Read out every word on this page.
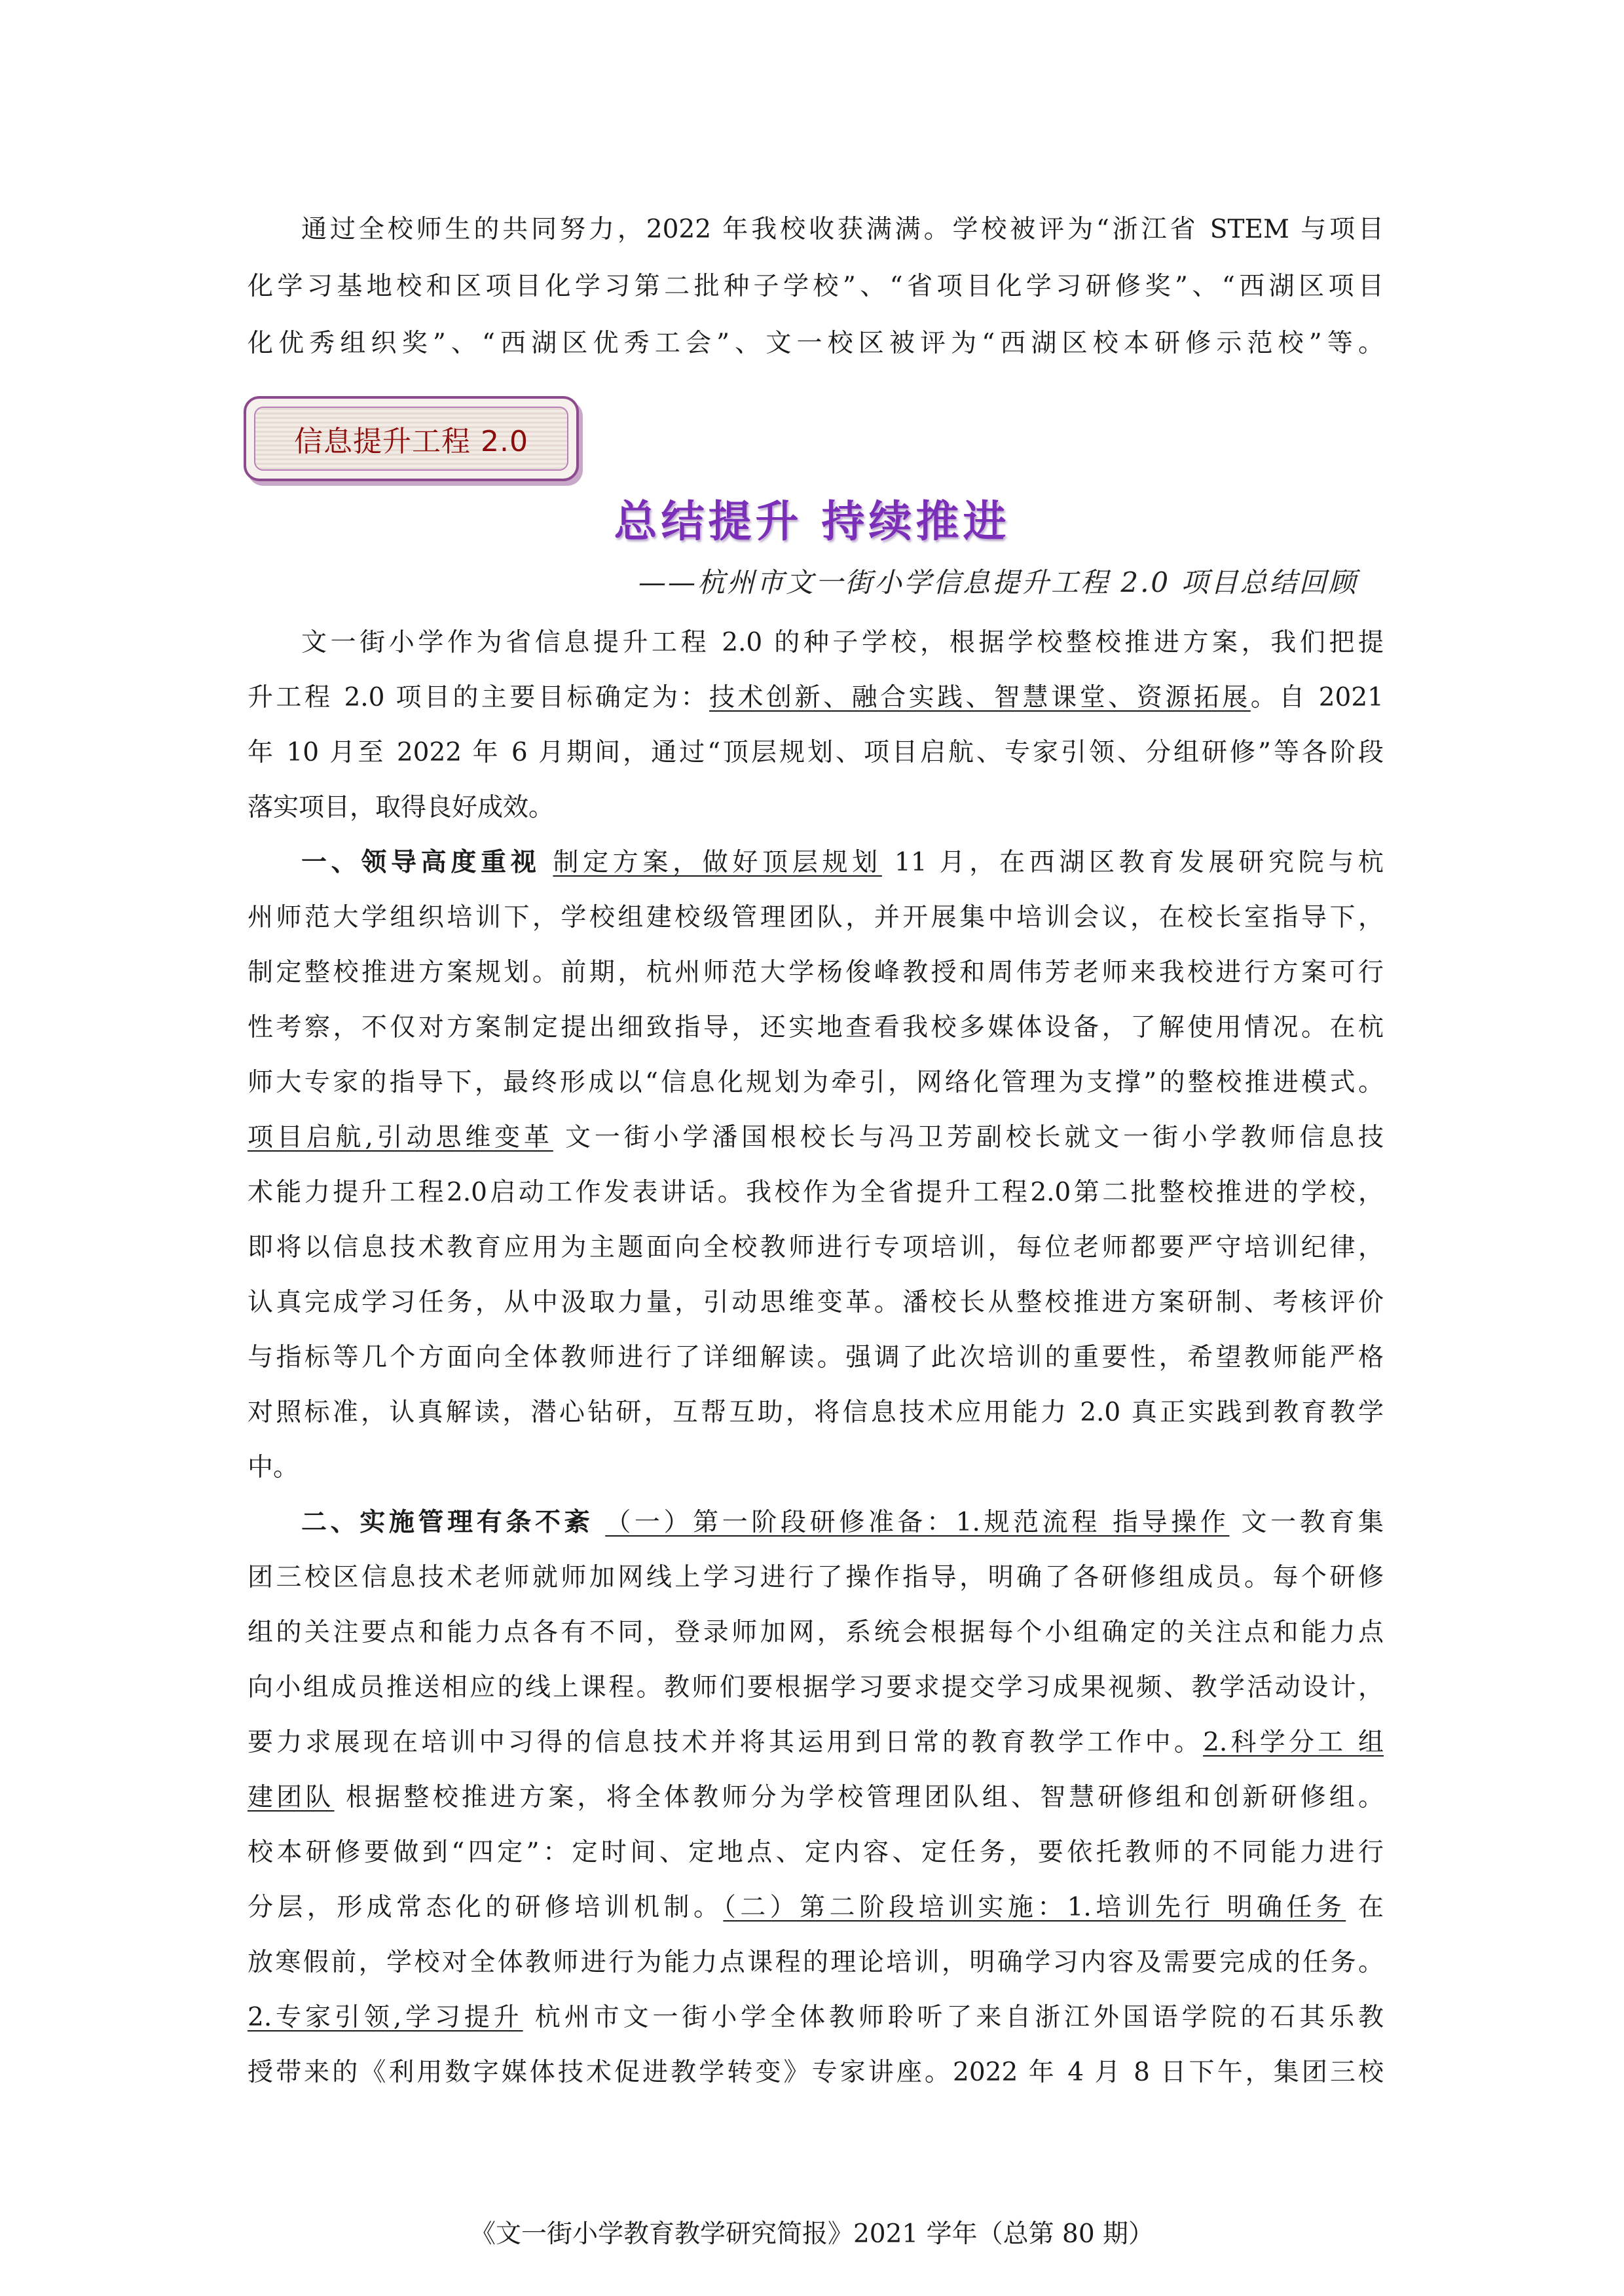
通过全校师生的共同努力，2022 年我校收获满满。学校被评为“浙江省 STEM 与项目
化学习基地校和区项目化学习第二批种子学校”、“省项目化学习研修奖”、“西湖区项目
化优秀组织奖”、“西湖区优秀工会”、文一校区被评为“西湖区校本研修示范校”等。
信息提升工程 2.0
总结提升 持续推进
——杭州市文一街小学信息提升工程 2.0 项目总结回顾
文一街小学作为省信息提升工程 2.0 的种子学校，根据学校整校推进方案，我们把提
升工程 2.0 项目的主要目标确定为：技术创新、融合实践、智慧课堂、资源拓展。自 2021
年 10 月至 2022 年 6 月期间，通过“顶层规划、项目启航、专家引领、分组研修”等各阶段
落实项目，取得良好成效。
一、领导高度重视 制定方案，做好顶层规划 11 月，在西湖区教育发展研究院与杭
州师范大学组织培训下，学校组建校级管理团队，并开展集中培训会议，在校长室指导下，
制定整校推进方案规划。前期，杭州师范大学杨俊峰教授和周伟芳老师来我校进行方案可行
性考察，不仅对方案制定提出细致指导，还实地查看我校多媒体设备，了解使用情况。在杭
师大专家的指导下，最终形成以“信息化规划为牵引，网络化管理为支撑”的整校推进模式。
项目启航,引动思维变革 文一街小学潘国根校长与冯卫芳副校长就文一街小学教师信息技
术能力提升工程2.0启动工作发表讲话。我校作为全省提升工程2.0第二批整校推进的学校，
即将以信息技术教育应用为主题面向全校教师进行专项培训，每位老师都要严守培训纪律，
认真完成学习任务，从中汲取力量，引动思维变革。潘校长从整校推进方案研制、考核评价
与指标等几个方面向全体教师进行了详细解读。强调了此次培训的重要性，希望教师能严格
对照标准，认真解读，潜心钻研，互帮互助，将信息技术应用能力 2.0 真正实践到教育教学
中。
二、实施管理有条不紊 （一）第一阶段研修准备：1.规范流程 指导操作 文一教育集
团三校区信息技术老师就师加网线上学习进行了操作指导，明确了各研修组成员。每个研修
组的关注要点和能力点各有不同，登录师加网，系统会根据每个小组确定的关注点和能力点
向小组成员推送相应的线上课程。教师们要根据学习要求提交学习成果视频、教学活动设计，
要力求展现在培训中习得的信息技术并将其运用到日常的教育教学工作中。2.科学分工 组
建团队 根据整校推进方案，将全体教师分为学校管理团队组、智慧研修组和创新研修组。
校本研修要做到“四定”：定时间、定地点、定内容、定任务，要依托教师的不同能力进行
分层，形成常态化的研修培训机制。（二）第二阶段培训实施：1.培训先行 明确任务 在
放寒假前，学校对全体教师进行为能力点课程的理论培训，明确学习内容及需要完成的任务。
2.专家引领,学习提升 杭州市文一街小学全体教师聆听了来自浙江外国语学院的石其乐教
授带来的《利用数字媒体技术促进教学转变》专家讲座。2022 年 4 月 8 日下午，集团三校
《文一街小学教育教学研究简报》2021 学年（总第 80 期）
